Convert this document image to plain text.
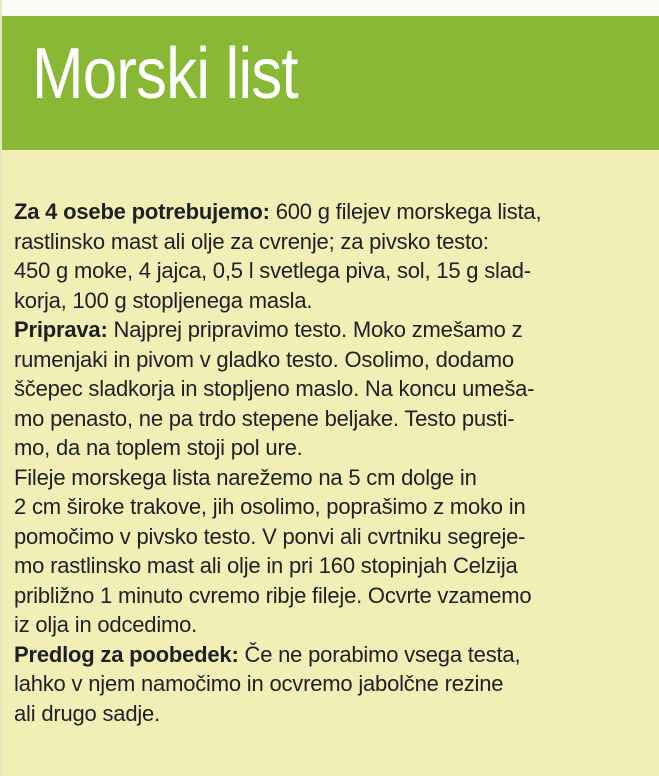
Morski list
Za 4 osebe potrebujemo: 600 g filejev morskega lista,
rastlinsko mast ali olje za cvrenje; za pivsko testo:
450 g moke, 4 jajca, 0,5 l svetlega piva, sol, 15 g slad-
korja, 100 g stopljenega masla.
Priprava: Najprej pripravimo testo. Moko zmešamo z
rumenjaki in pivom v gladko testo. Osolimo, dodamo
ščepec sladkorja in stopljeno maslo. Na koncu umeša-
mo penasto, ne pa trdo stepene beljake. Testo pusti-
mo, da na toplem stoji pol ure.
Fileje morskega lista narežemo na 5 cm dolge in
2 cm široke trakove, jih osolimo, poprašimo z moko in
pomočimo v pivsko testo. V ponvi ali cvrtniku segreje-
mo rastlinsko mast ali olje in pri 160 stopinjah Celzija
približno 1 minuto cvremo ribje fileje. Ocvrte vzamemo
iz olja in odcedimo.
Predlog za poobedek: Če ne porabimo vsega testa,
lahko v njem namočimo in ocvremo jabolčne rezine
ali drugo sadje.
